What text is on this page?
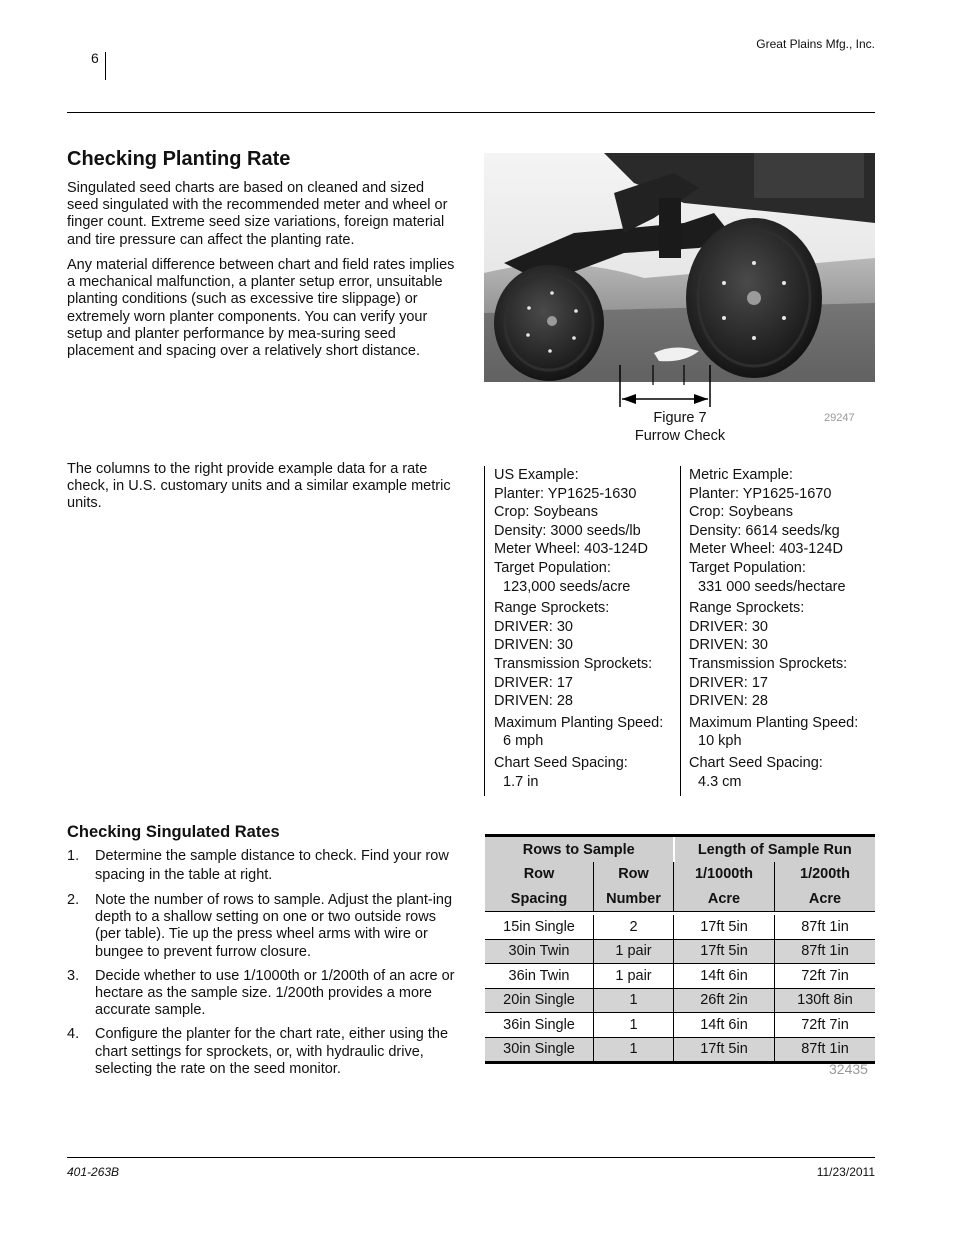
6
Great Plains Mfg., Inc.
Checking Planting Rate

Singulated seed charts are based on cleaned and sized seed singulated with the recommended meter and wheel or finger count. Extreme seed size variations, foreign material and tire pressure can affect the planting rate.

Any material difference between chart and field rates implies a mechanical malfunction, a planter setup error, unsuitable planting conditions (such as excessive tire slippage) or extremely worn planter components. You can verify your setup and planter performance by mea-suring seed placement and spacing over a relatively short distance.

The columns to the right provide example data for a rate check, in U.S. customary units and a similar example metric units.

Figure 7
Furrow Check
29247
US Example:
Planter: YP1625-1630
Crop: Soybeans
Density: 3000 seeds/lb
Meter Wheel: 403-124D
Target Population:
123,000 seeds/acre
Range Sprockets:
DRIVER: 30
DRIVEN: 30
Transmission Sprockets:
DRIVER: 17
DRIVEN: 28
Maximum Planting Speed:
6 mph
Chart Seed Spacing:
1.7 in
Metric Example:
Planter: YP1625-1670
Crop: Soybeans
Density: 6614 seeds/kg
Meter Wheel: 403-124D
Target Population:
331 000 seeds/hectare
Range Sprockets:
DRIVER: 30
DRIVEN: 30
Transmission Sprockets:
DRIVER: 17
DRIVEN: 28
Maximum Planting Speed:
10 kph
Chart Seed Spacing:
4.3 cm
Checking Singulated Rates
1. Determine the sample distance to check. Find your row spacing in the table at right.
2. Note the number of rows to sample. Adjust the plant-ing depth to a shallow setting on one or two outside rows (per table). Tie up the press wheel arms with wire or bungee to prevent furrow closure.
3. Decide whether to use 1/1000th or 1/200th of an acre or hectare as the sample size. 1/200th provides a more accurate sample.
4. Configure the planter for the chart rate, either using the chart settings for sprockets, or, with hydraulic drive, selecting the rate on the seed monitor.
Rows to Sample		Length of Sample Run	
Row	Row	1/1000th	1/200th
Spacing	Number	Acre	Acre
15in Single	2	17ft 5in	87ft 1in
30in Twin	1 pair	17ft 5in	87ft 1in
36in Twin	1 pair	14ft 6in	72ft 7in
20in Single	1	26ft 2in	130ft 8in
36in Single	1	14ft 6in	72ft 7in
30in Single	1	17ft 5in	87ft 1in
32435
401-263B	11/23/2011
